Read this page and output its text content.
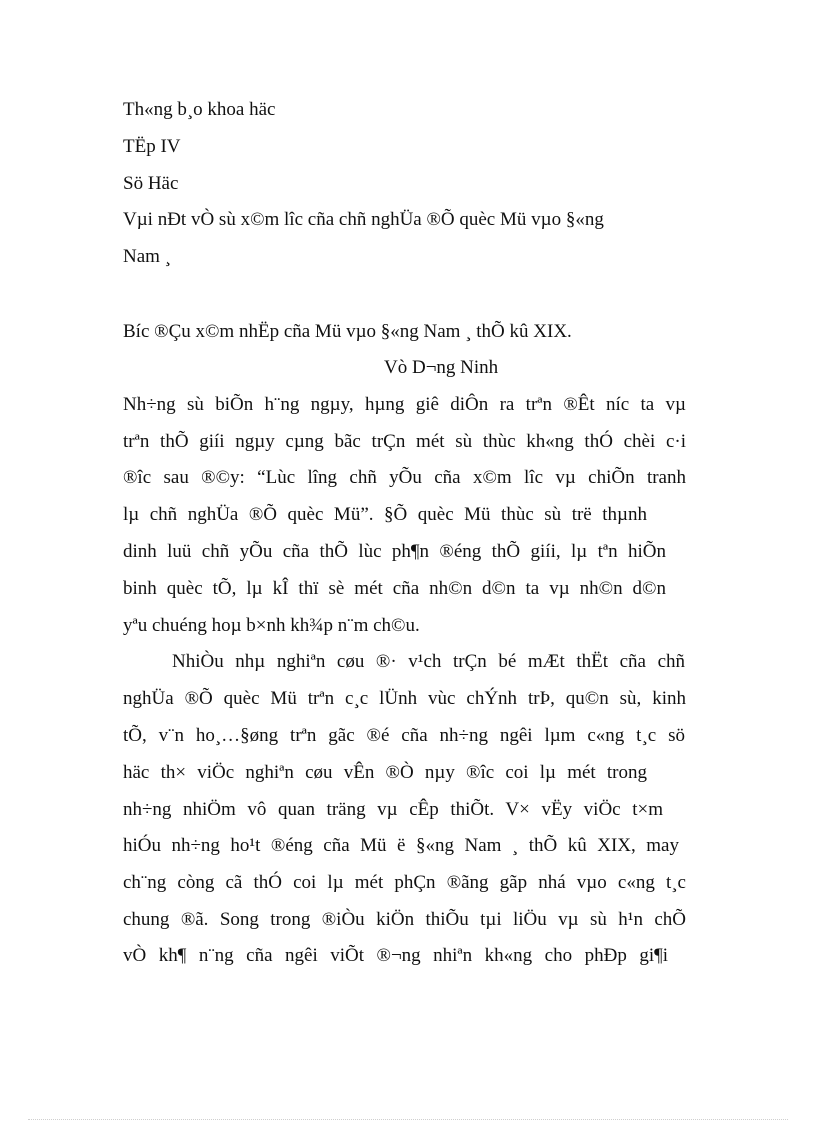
Th«ng b¸o khoa häc

TËp IV

Sö Häc

Vµi nÐt vÒ sù x©m lîc cña chñ nghÜa ®Õ quèc Mü vµo §«ng

Nam ¸

Bíc ®Çu x©m nhËp cña Mü vµo §«ng Nam ¸ thÕ kû XIX.

Vò D¬ng Ninh

Nh÷ng sù biÕn h¨ng ngµy, hµng giê diÔn ra trªn ®Êt níc ta vµ

trªn thÕ giíi ngµy cµng bãc trÇn mét sù thùc kh«ng thÓ chèi c·i

®îc sau ®©y: “Lùc lîng chñ yÕu cña x©m lîc vµ chiÕn tranh

lµ chñ nghÜa ®Õ quèc Mü”. §Õ quèc Mü thùc sù trë thµnh

dinh luü chñ yÕu cña thÕ lùc ph¶n ®éng thÕ giíi, lµ tªn hiÕn

binh quèc tÕ, lµ kÎ thï sè mét cña nh©n d©n ta vµ nh©n d©n

yªu chuéng hoµ b×nh kh¾p n¨m ch©u.

NhiÒu nhµ nghiªn cøu ®· v¹ch trÇn bé mÆt thËt cña chñ

nghÜa ®Õ quèc Mü trªn c¸c lÜnh vùc chÝnh trÞ, qu©n sù, kinh

tÕ, v¨n ho¸…§øng trªn gãc ®é cña nh÷ng ngêi lµm c«ng t¸c sö

häc th× viÖc nghiªn cøu vÊn ®Ò nµy ®îc coi lµ mét trong

nh÷ng nhiÖm vô quan träng vµ cÊp thiÕt. V× vËy viÖc t×m

hiÓu nh÷ng ho¹t ®éng cña Mü ë §«ng Nam ¸ thÕ kû XIX, may

ch¨ng còng cã thÓ coi lµ mét phÇn ®ãng gãp nhá vµo c«ng t¸c

chung ®ã. Song trong ®iÒu kiÖn thiÕu tµi liÖu vµ sù h¹n chÕ

vÒ kh¶ n¨ng cña ngêi viÕt ®¬ng nhiªn kh«ng cho phÐp gi¶i
